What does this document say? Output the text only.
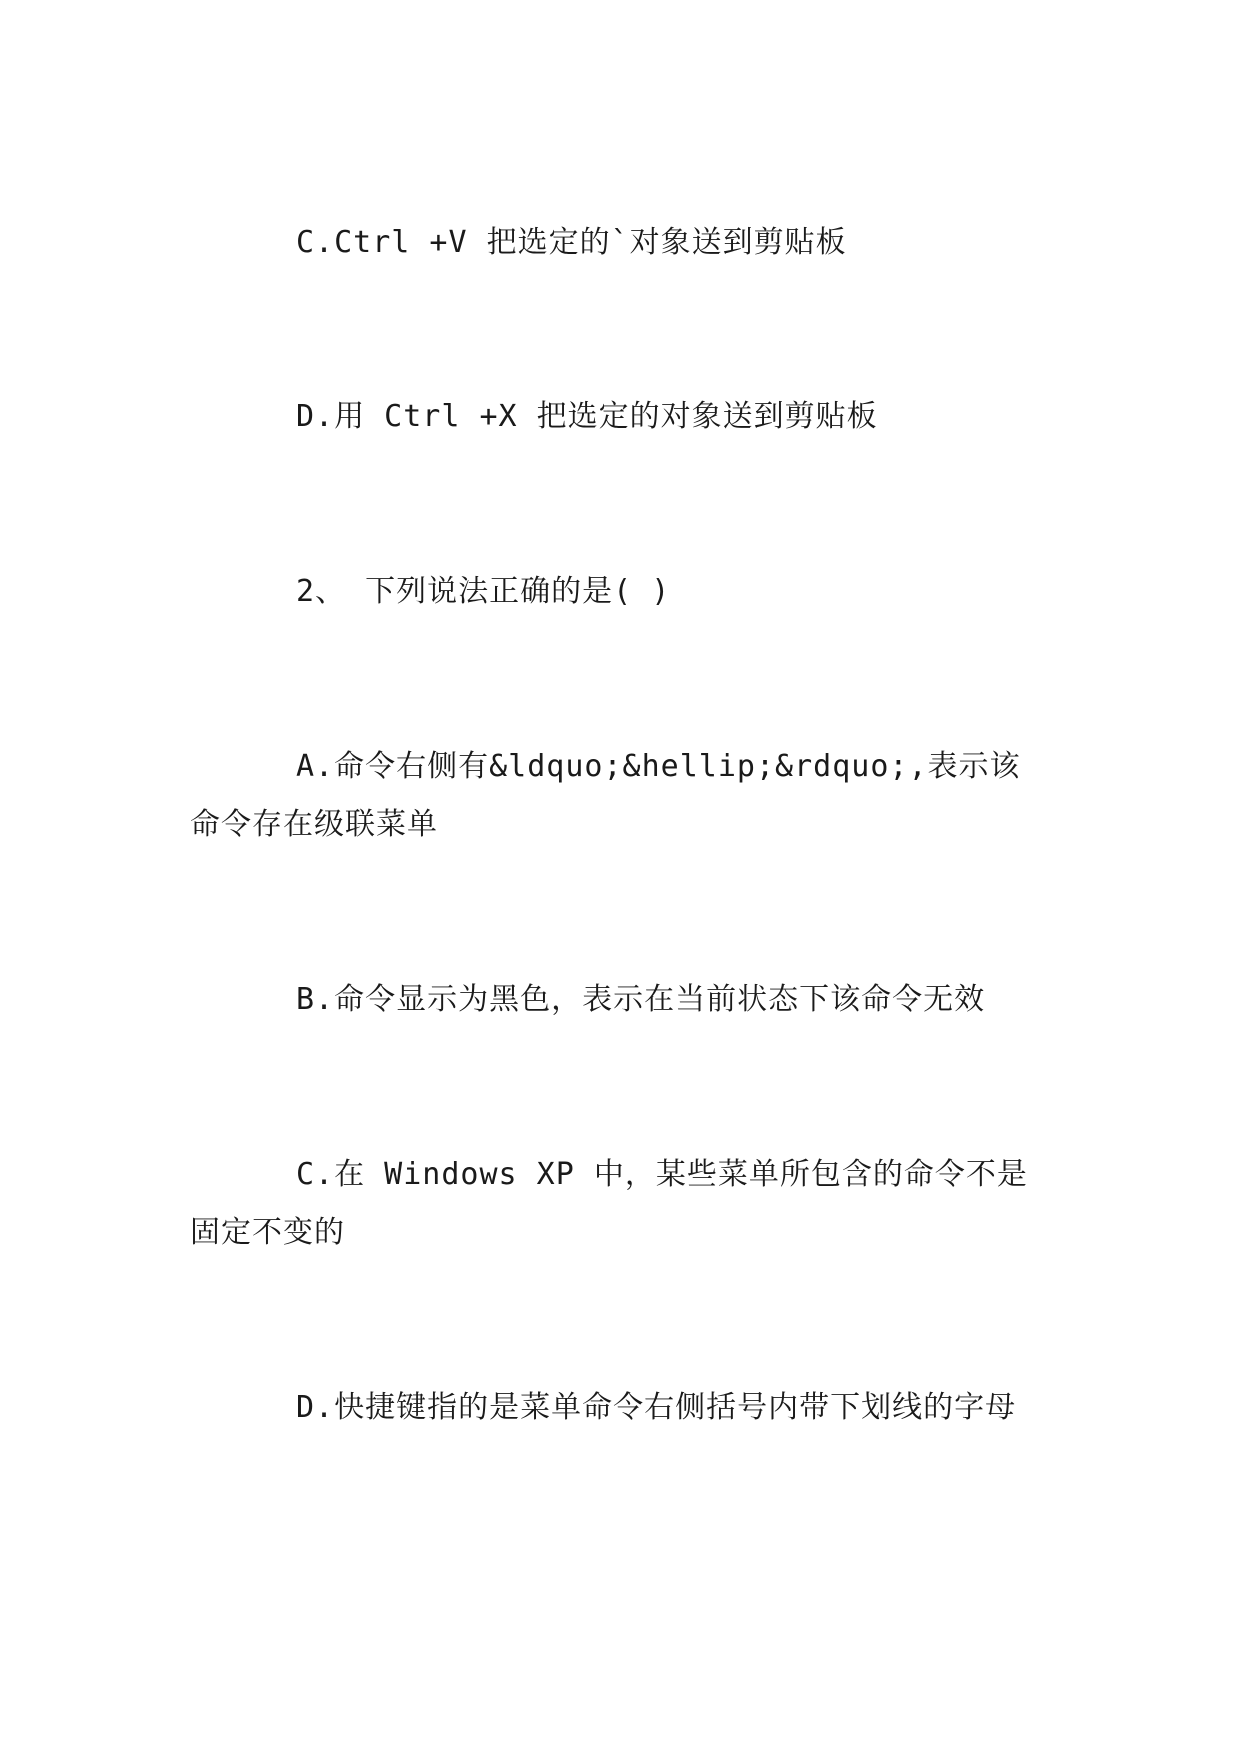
C.Ctrl +V 把选定的`对象送到剪贴板

D.用 Ctrl +X 把选定的对象送到剪贴板

2、 下列说法正确的是( )

A.命令右侧有&ldquo;&hellip;&rdquo;,表示该命令存在级联菜单

B.命令显示为黑色，表示在当前状态下该命令无效

C.在 Windows XP 中，某些菜单所包含的命令不是固定不变的

D.快捷键指的是菜单命令右侧括号内带下划线的字母
